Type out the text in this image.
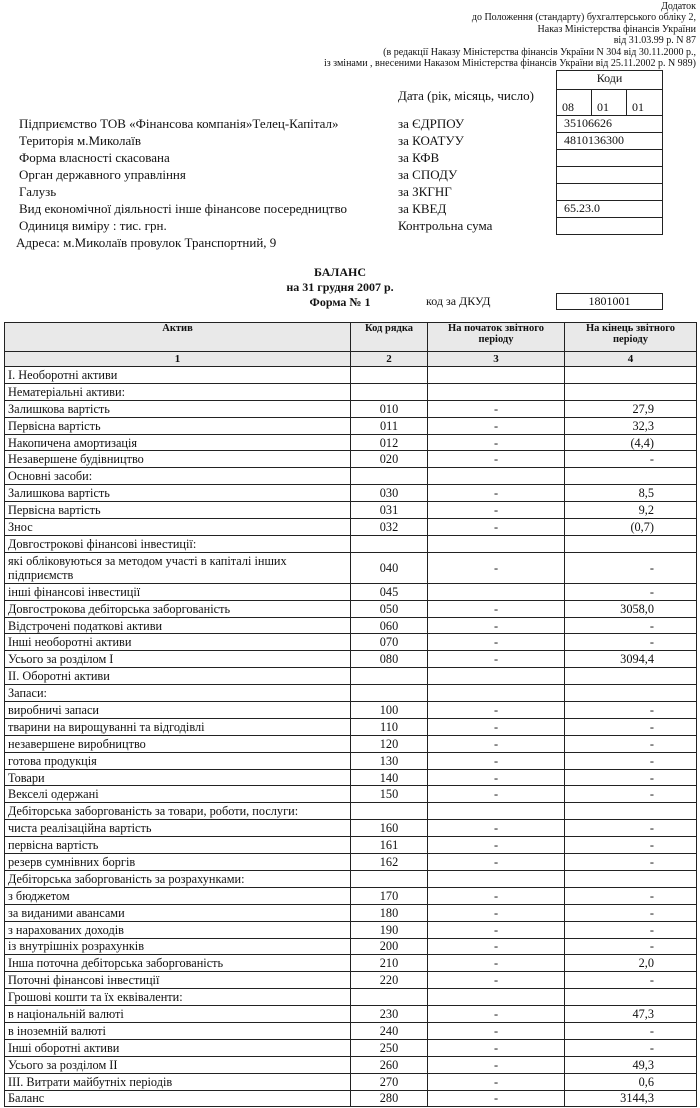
Додаток
до Положення (стандарту) бухгалтерського обліку 2,
Наказ Міністерства фінансів України
від 31.03.99 р. N 87
(в редакції Наказу Міністерства фінансів України N 304 від 30.11.2000 р.,
із змінами , внесеними Наказом Міністерства фінансів України від 25.11.2002 р. N 989)
Коди
Дата (рік, місяць, число)
08	01	01
Підприємство ТОВ «Фінансова компанія»Телец-Капітал»	за ЄДРПОУ	35106626
Територія м.Миколаїв	за КОАТУУ	4810136300
Форма власності скасована	за КФВ
Орган державного управління	за СПОДУ
Галузь	за ЗКГНГ
Вид економічної діяльності інше фінансове посередництво	за КВЕД	65.23.0
Одиниця виміру : тис. грн.	Контрольна сума
Адреса: м.Миколаїв провулок Транспортний, 9
БАЛАНС
на 31 грудня 2007 р.
Форма № 1	код за ДКУД	1801001
Актив	Код рядка	На початок звітного періоду	На кінець звітного періоду
1	2	3	4
І. Необоротні активи			
Нематеріальні активи:			
Залишкова вартість	010	-	27,9
Первісна вартість	011	-	32,3
Накопичена амортизація	012	-	(4,4)
Незавершене будівництво	020	-	-
Основні засоби:			
Залишкова вартість	030	-	8,5
Первісна вартість	031	-	9,2
Знос	032	-	(0,7)
Довгострокові фінансові інвестиції:			
які обліковуються за методом участі в капіталі інших підприємств	040	-	-
інші фінансові інвестиції	045		-
Довгострокова дебіторська заборгованість	050	-	3058,0
Відстрочені податкові активи	060	-	-
Інші необоротні активи	070	-	-
Усього за розділом І	080	-	3094,4
II. Оборотні активи			
Запаси:			
виробничі запаси	100	-	-
тварини на вирощуванні та відгодівлі	110	-	-
незавершене виробництво	120	-	-
готова продукція	130	-	-
Товари	140	-	-
Векселі одержані	150	-	-
Дебіторська заборгованість за товари, роботи, послуги:			
чиста реалізаційна вартість	160	-	-
первісна вартість	161	-	-
резерв сумнівних боргів	162	-	-
Дебіторська заборгованість за розрахунками:			
з бюджетом	170	-	-
за виданими авансами	180	-	-
з нарахованих доходів	190	-	-
із внутрішніх розрахунків	200	-	-
Інша поточна дебіторська заборгованість	210	-	2,0
Поточні фінансові інвестиції	220	-	-
Грошові кошти та їх еквіваленти:			
в національній валюті	230	-	47,3
в іноземній валюті	240	-	-
Інші оборотні активи	250	-	-
Усього за розділом II	260	-	49,3
III. Витрати майбутніх періодів	270	-	0,6
Баланс	280	-	3144,3
